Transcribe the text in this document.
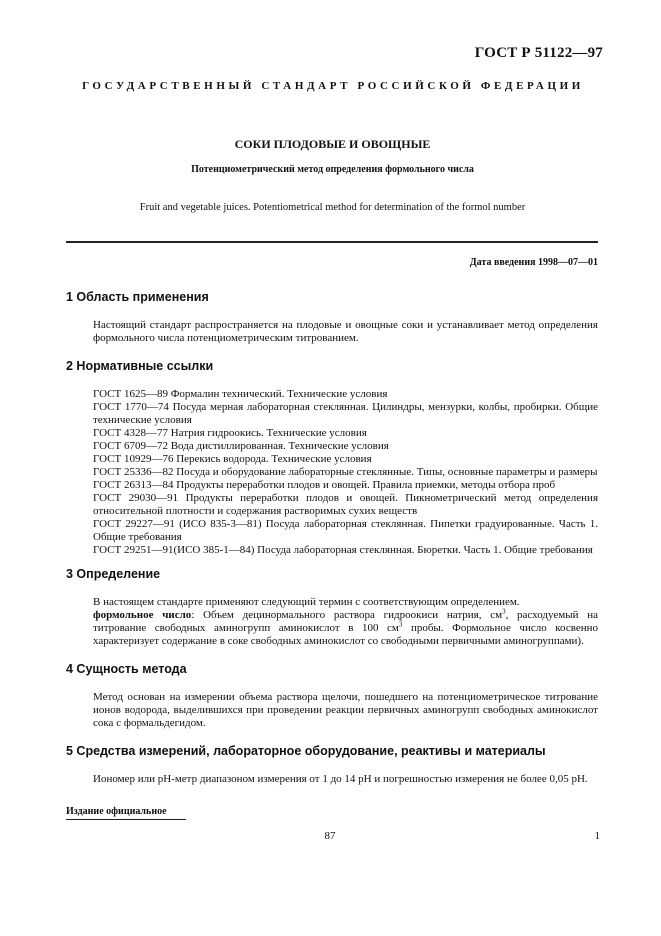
ГОСТ Р 51122—97
ГОСУДАРСТВЕННЫЙ СТАНДАРТ РОССИЙСКОЙ ФЕДЕРАЦИИ
СОКИ ПЛОДОВЫЕ И ОВОЩНЫЕ
Потенциометрический метод определения формольного числа
Fruit and vegetable juices. Potentiometrical method for determination of the formol number
Дата введения 1998—07—01
1 Область применения

Настоящий стандарт распространяется на плодовые и овощные соки и устанавливает метод определения формольного числа потенциометрическим титрованием.

2 Нормативные ссылки

ГОСТ 1625—89 Формалин технический. Технические условия

ГОСТ 1770—74 Посуда мерная лабораторная стеклянная. Цилиндры, мензурки, колбы, пробирки. Общие технические условия

ГОСТ 4328—77 Натрия гидроокись. Технические условия

ГОСТ 6709—72 Вода дистиллированная. Технические условия

ГОСТ 10929—76 Перекись водорода. Технические условия

ГОСТ 25336—82 Посуда и оборудование лабораторные стеклянные. Типы, основные параметры и размеры

ГОСТ 26313—84 Продукты переработки плодов и овощей. Правила приемки, методы отбора проб

ГОСТ 29030—91 Продукты переработки плодов и овощей. Пикнометрический метод определения относительной плотности и содержания растворимых сухих веществ

ГОСТ 29227—91 (ИСО 835-3—81) Посуда лабораторная стеклянная. Пипетки градуированные. Часть 1. Общие требования

ГОСТ 29251—91(ИСО 385-1—84) Посуда лабораторная стеклянная. Бюретки. Часть 1. Общие требования

3 Определение

В настоящем стандарте применяют следующий термин с соответствующим определением.

формольное число: Объем децинормального раствора гидроокиси натрия, $см^3$, расходуемый на титрование свободных аминогрупп аминокислот в 100 $см^3$ пробы. Формольное число косвенно характеризует содержание в соке свободных аминокислот со свободными первичными аминогруппами).

4 Сущность метода

Метод основан на измерении объема раствора щелочи, пошедшего на потенциометрическое титрование ионов водорода, выделившихся при проведении реакции первичных аминогрупп свободных аминокислот сока с формальдегидом.

5 Средства измерений, лабораторное оборудование, реактивы и материалы

Иономер или рН-метр диапазоном измерения от 1 до 14 pH и погрешностью измерения не более 0,05 pH.

Издание официальное
87	1
